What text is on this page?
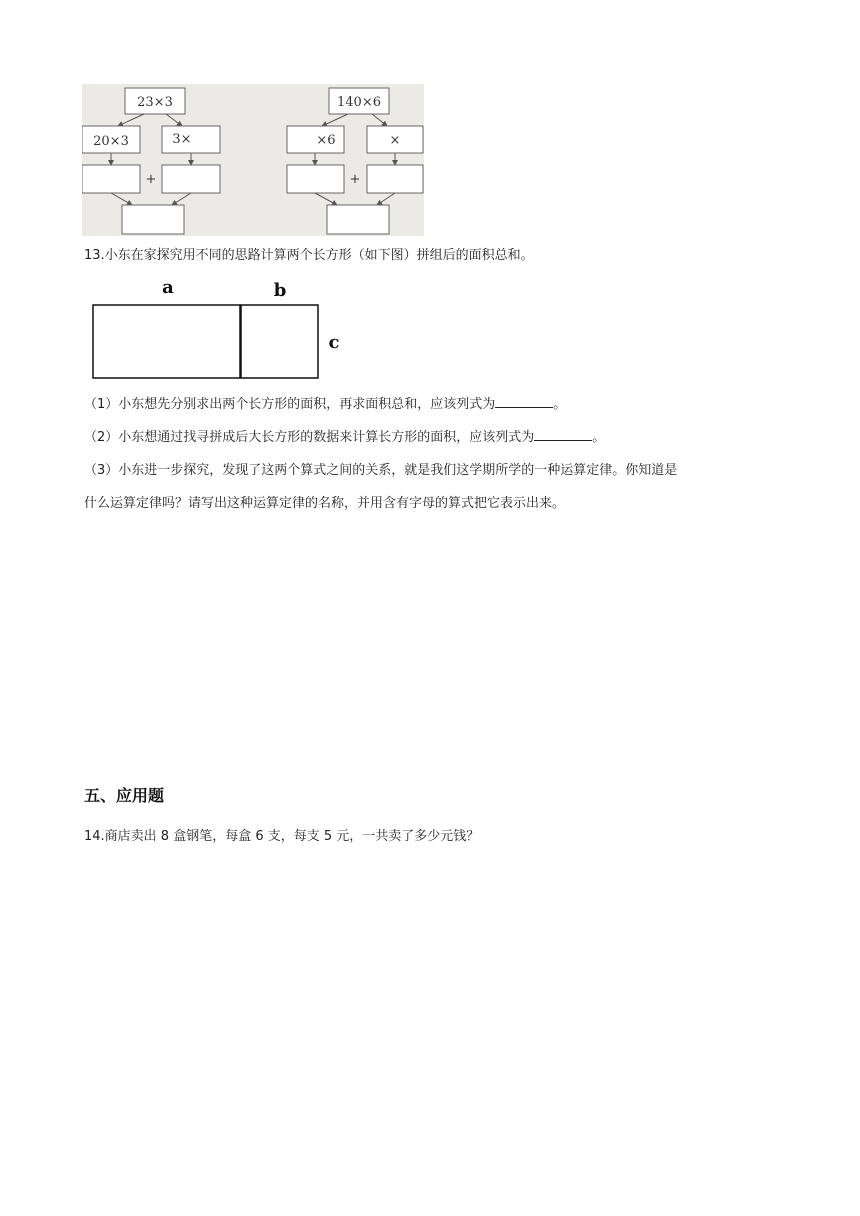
23×3
20×3	3×
+
140×6
×6	×
+
13.小东在家探究用不同的思路计算两个长方形（如下图）拼组后的面积总和。
a	b
c
（1）小东想先分别求出两个长方形的面积，再求面积总和，应该列式为	。
（2）小东想通过找寻拼成后大长方形的数据来计算长方形的面积，应该列式为	。
（3）小东进一步探究，发现了这两个算式之间的关系，就是我们这学期所学的一种运算定律。你知道是
什么运算定律吗？请写出这种运算定律的名称，并用含有字母的算式把它表示出来。
五、应用题
14.商店卖出 8 盒钢笔，每盒 6 支，每支 5 元，一共卖了多少元钱？
